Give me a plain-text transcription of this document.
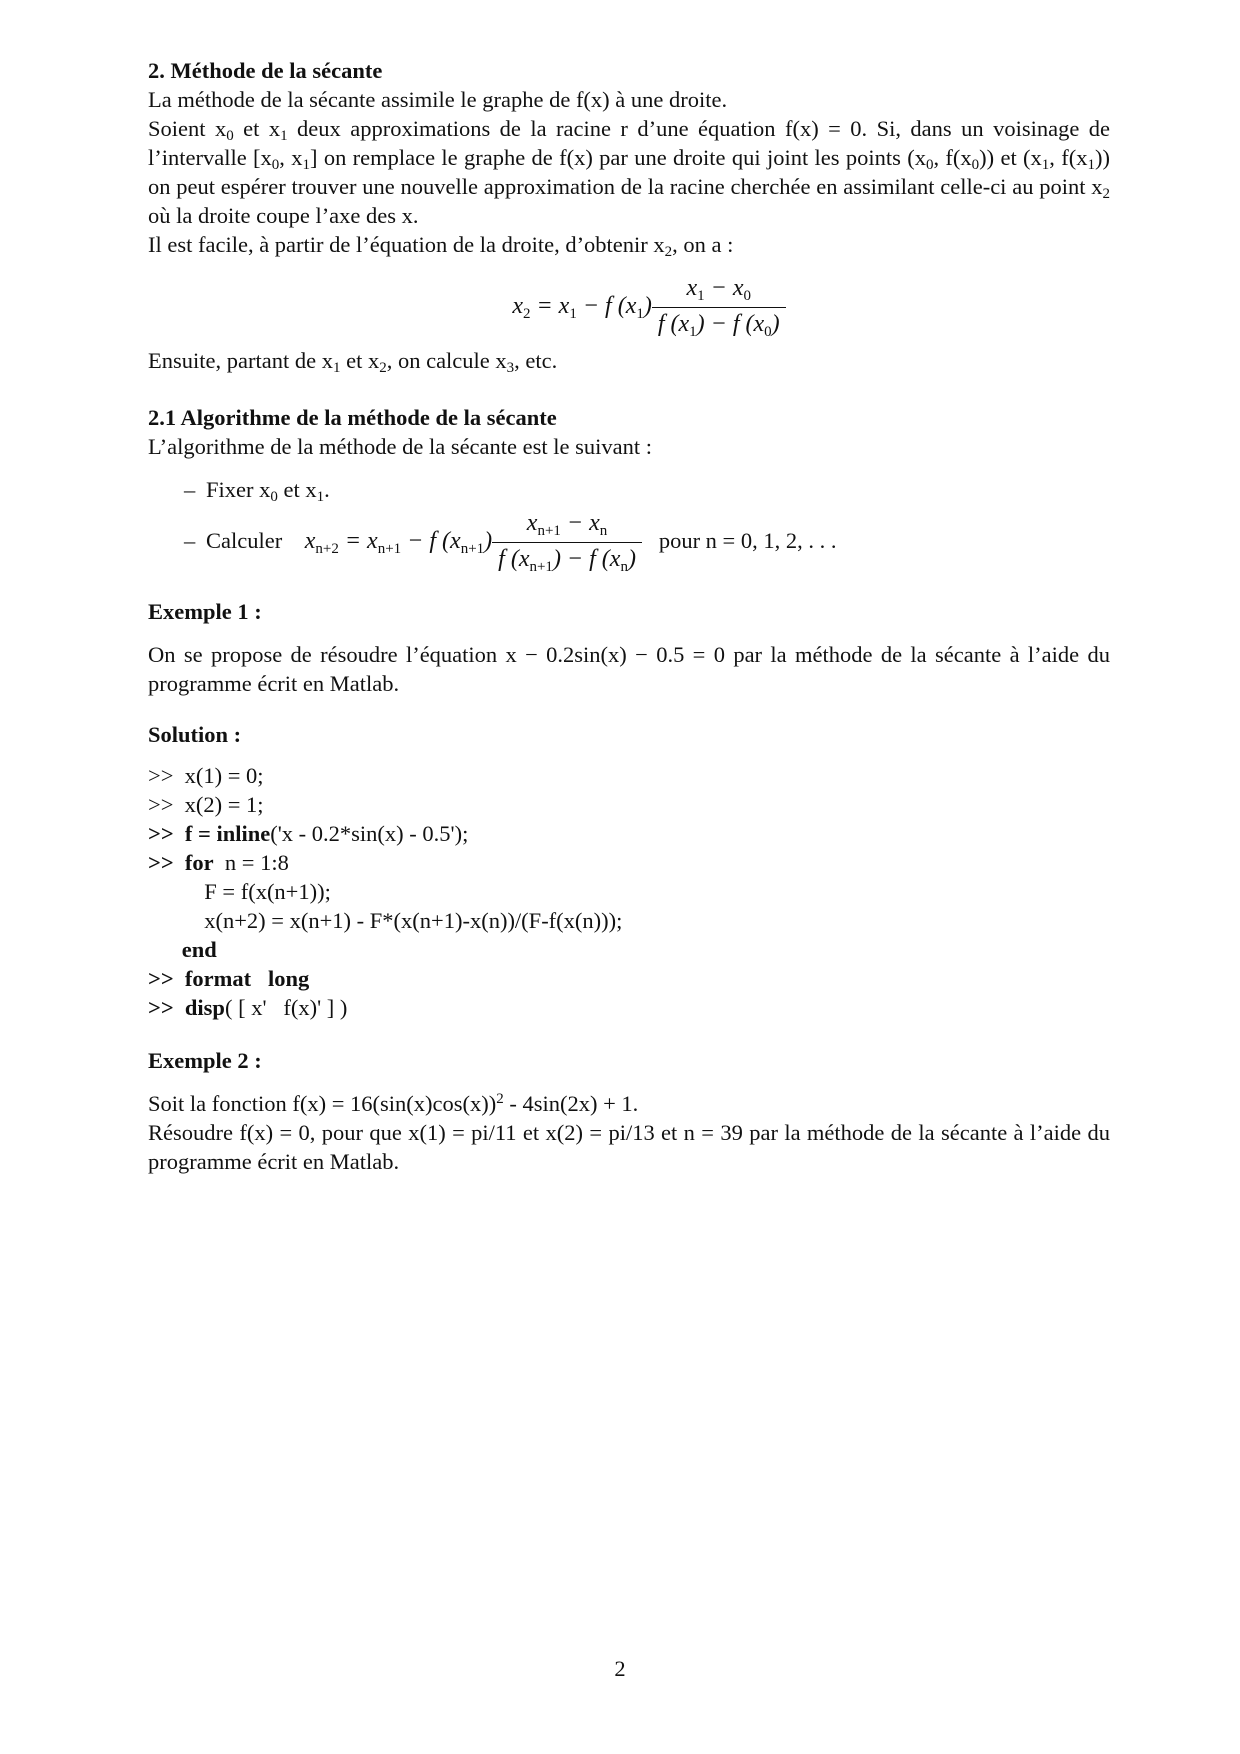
2. Méthode de la sécante

La méthode de la sécante assimile le graphe de f(x) à une droite.

Soient $x_0$ et $x_1$ deux approximations de la racine r d’une équation f(x) = 0. Si, dans un voisinage de l’intervalle [$x_0$, $x_1$] on remplace le graphe de f(x) par une droite qui joint les points ($x_0$, $f(x_0)$) et ($x_1$, $f(x_1)$) on peut espérer trouver une nouvelle approximation de la racine cherchée en assimilant celle-ci au point $x_2$ où la droite coupe l’axe des x.

Il est facile, à partir de l’équation de la droite, d’obtenir $x_2$, on a :

$x_2 = x_1 - f$ $(x_1) \frac{x_1 - x_0}{f (x_1) - f (x_0)}$

Ensuite, partant de $x_1$ et $x_2$, on calcule $x_3$, etc.

2.1 Algorithme de la méthode de la sécante

L’algorithme de la méthode de la sécante est le suivant :

– Fixer $x_0$ et $x_1$.
– Calculer $x_{n+2} = x_{n+1} - f$ $(x_{n+1}) \frac{x_{n+1} - x_n}{f (x_{n+1}) - f (x_n)}$ pour n = 0, 1, 2, . . .

Exemple 1 :

On se propose de résoudre l’équation x − 0.2sin(x) − 0.5 = 0 par la méthode de la sécante à l’aide du programme écrit en Matlab.

Solution :

>>  x(1) = 0;
>>  x(2) = 1;
>>  f = inline('x - 0.2*sin(x) - 0.5');
>>  for  n = 1:8
F = f(x(n+1));
x(n+2) = x(n+1) - F*(x(n+1)-x(n))/(F-f(x(n)));
end
>>  format   long
>>  disp( [ x'   f(x)' ] )

Exemple 2 :

Soit la fonction $f(x) = 16(\sin(x)\cos(x))^2 - 4\sin(2x) + 1$.

Résoudre f(x) = 0, pour que x(1) = pi/11 et x(2) = pi/13 et n = 39 par la méthode de la sécante à l’aide du programme écrit en Matlab.

2
